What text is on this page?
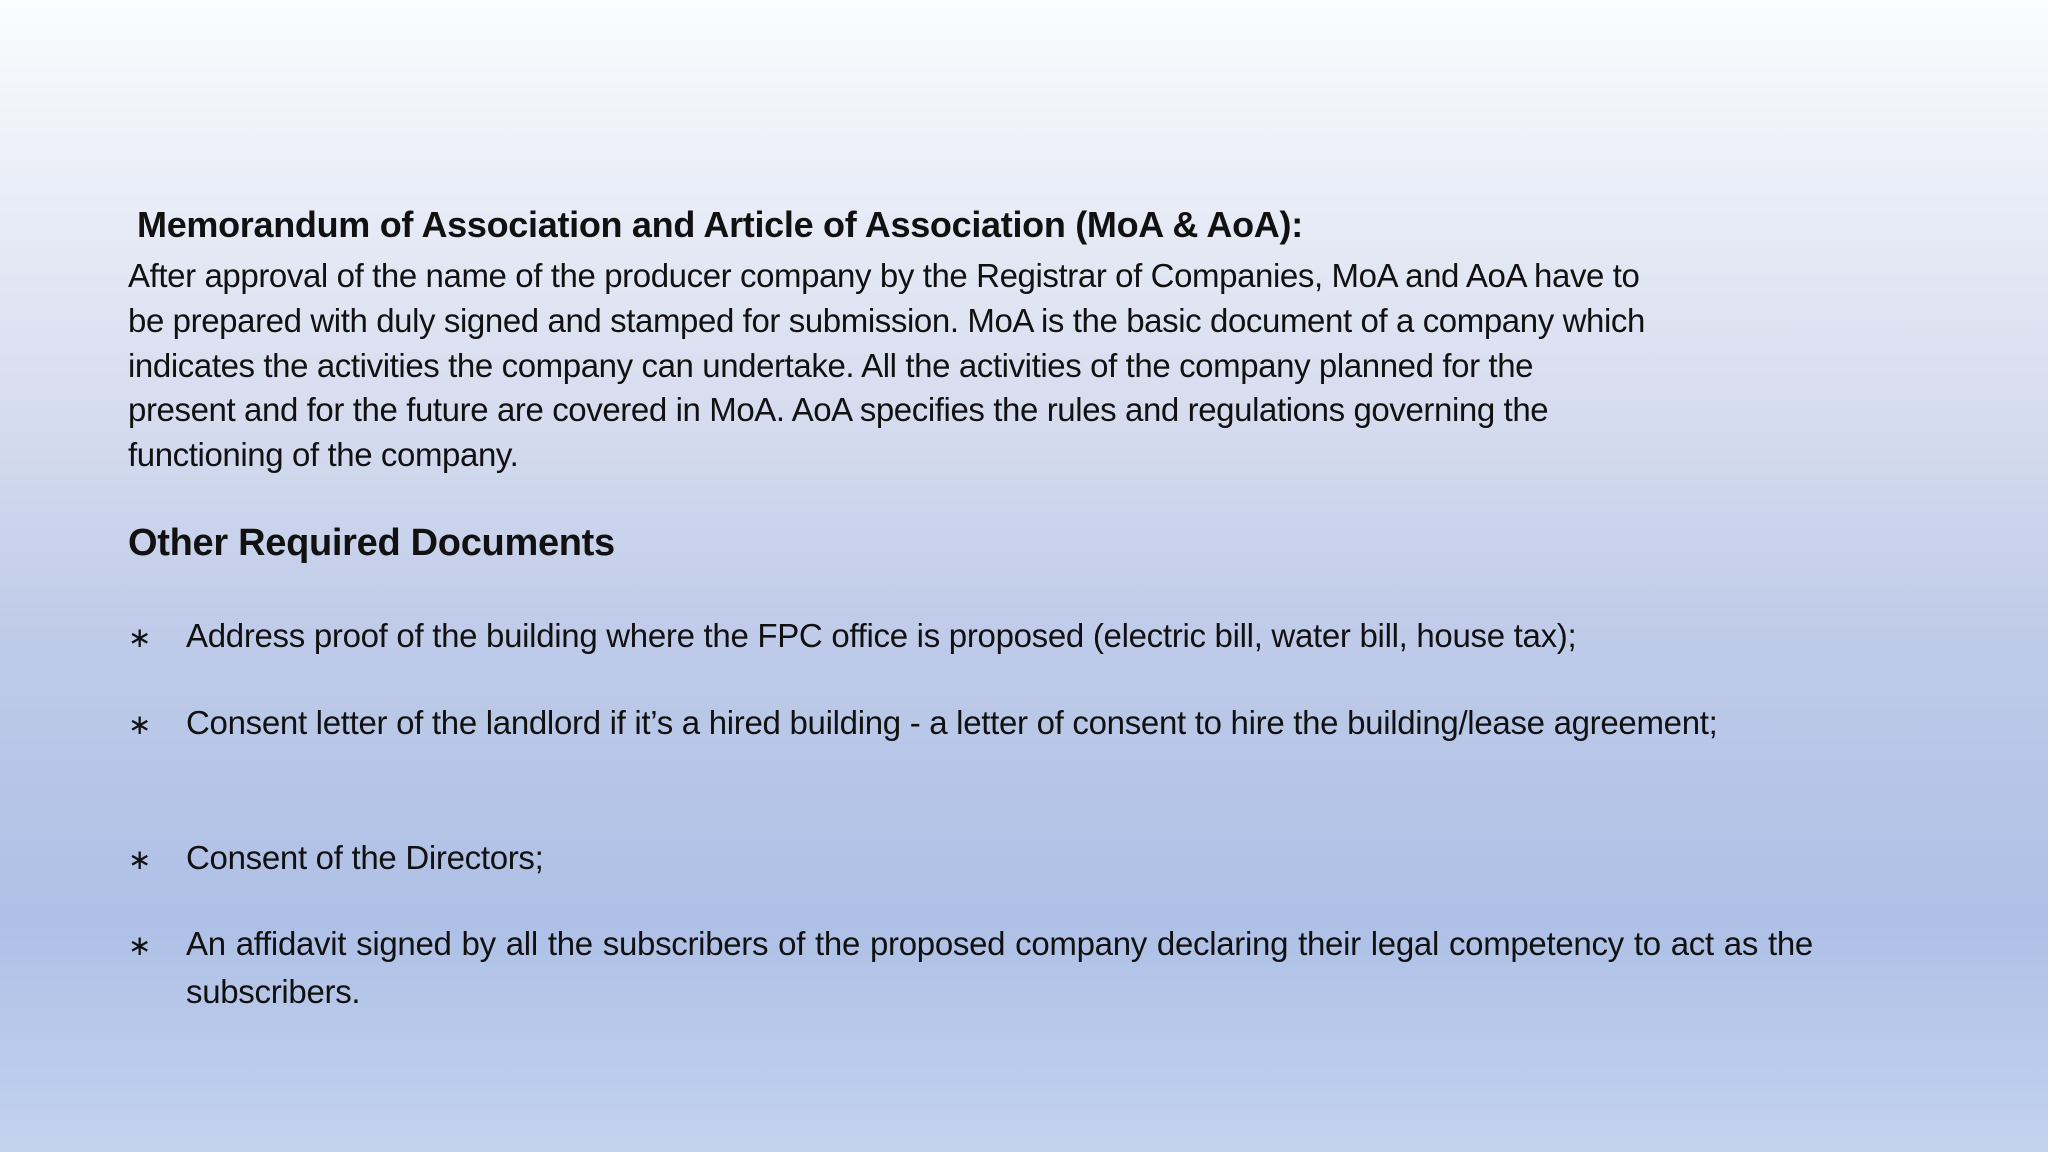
Memorandum of Association and Article of Association (MoA & AoA):
After approval of the name of the producer company by the Registrar of Companies, MoA and AoA have to
be prepared with duly signed and stamped for submission. MoA is the basic document of a company which
indicates the activities the company can undertake. All the activities of the company planned for the
present and for the future are covered in MoA. AoA specifies the rules and regulations governing the
functioning of the company.
Other Required Documents
∗ Address proof of the building where the FPC office is proposed (electric bill, water bill, house tax);
∗ Consent letter of the landlord if it’s a hired building - a letter of consent to hire the building/lease agreement;
∗ Consent of the Directors;
∗ An affidavit signed by all the subscribers of the proposed company declaring their legal competency to act as the subscribers.
